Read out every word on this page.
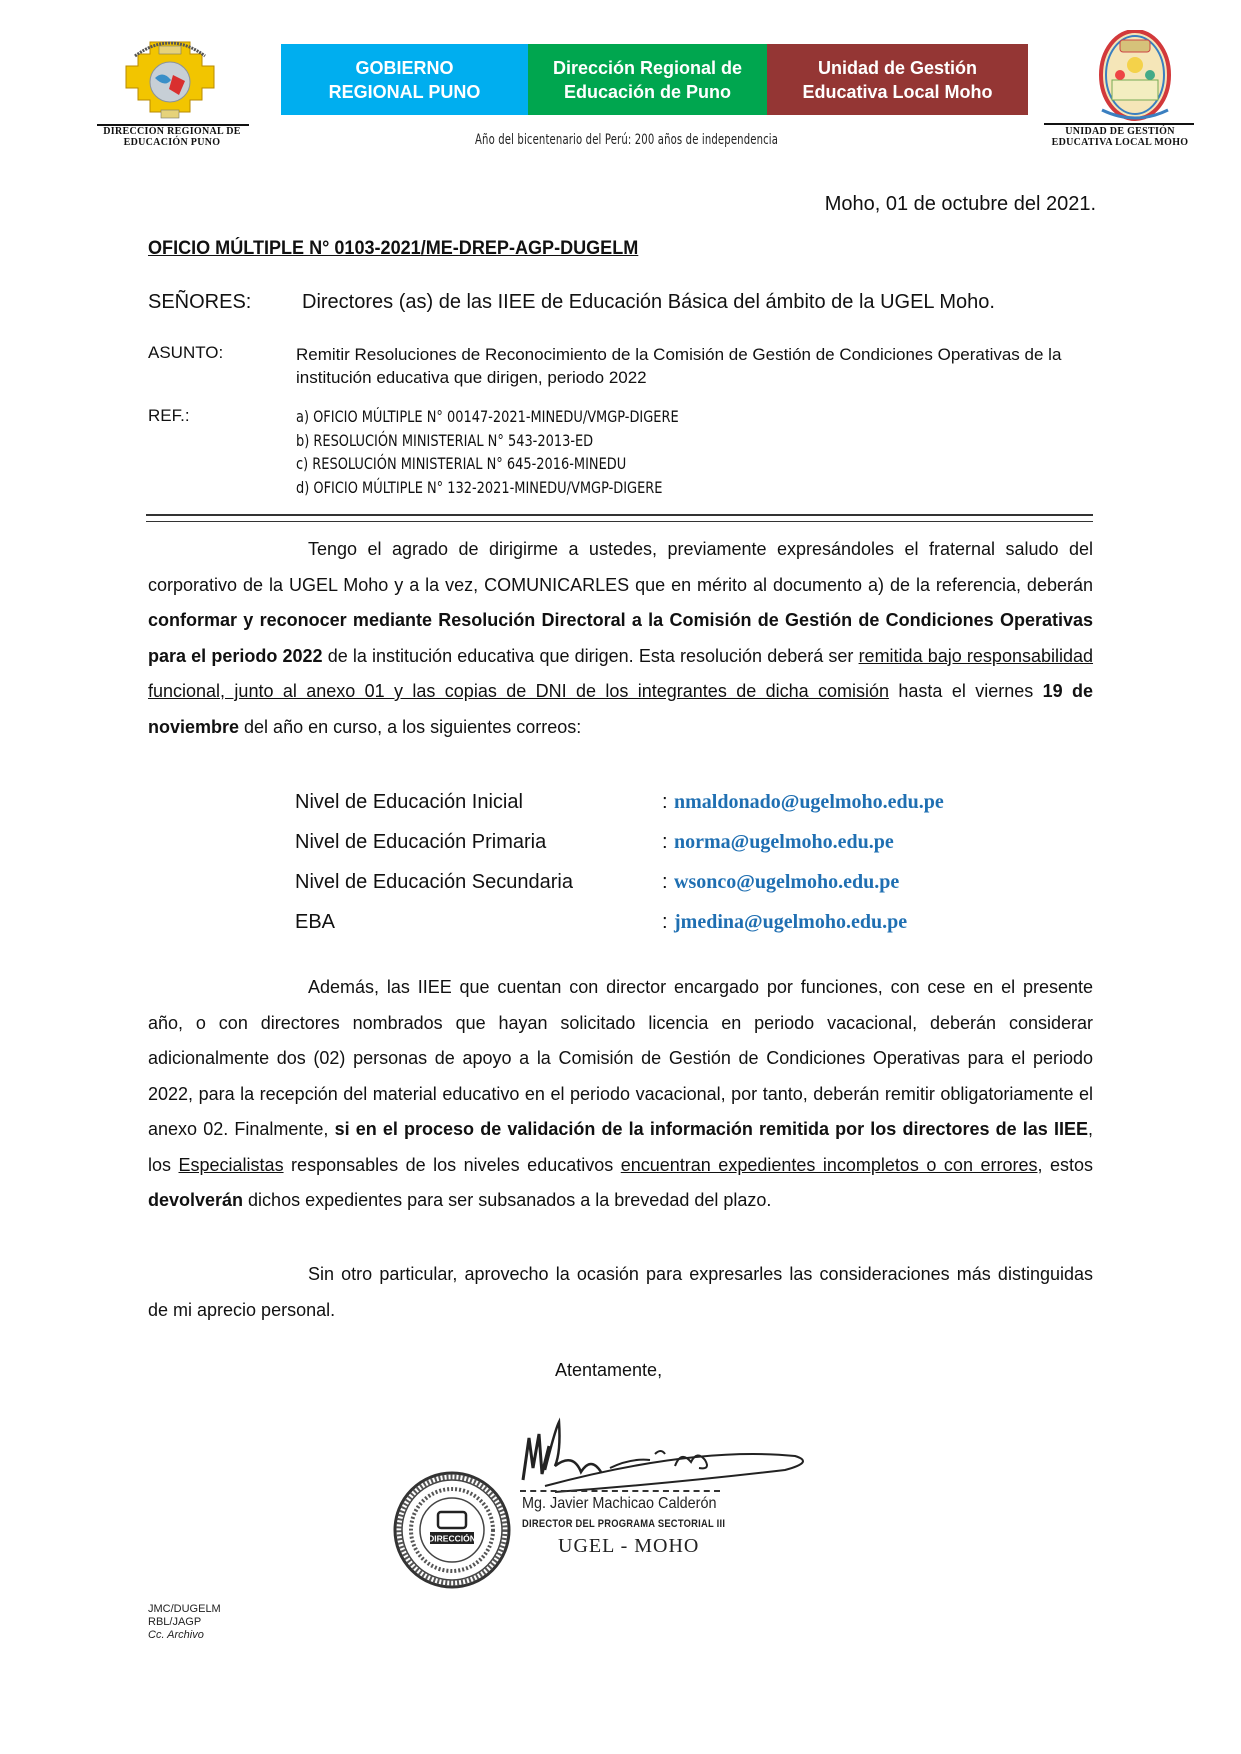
DIRECCIÓN REGIONAL DE
EDUCACIÓN PUNO
GOBIERNO
REGIONAL PUNO
Dirección Regional de
Educación de Puno
Unidad de Gestión
Educativa Local Moho
Año del bicentenario del Perú: 200 años de independencia
UNIDAD DE GESTIÓN
EDUCATIVA LOCAL MOHO
Moho, 01 de octubre del 2021.
OFICIO MÚLTIPLE N° 0103-2021/ME-DREP-AGP-DUGELM
SEÑORES:	Directores (as) de las IIEE de Educación Básica del ámbito de la UGEL Moho.
ASUNTO:	Remitir Resoluciones de Reconocimiento de la Comisión de Gestión de Condiciones Operativas de la institución educativa que dirigen, periodo 2022
REF.:	a) OFICIO MÚLTIPLE N° 00147-2021-MINEDU/VMGP-DIGERE
b) RESOLUCIÓN MINISTERIAL N° 543-2013-ED
c) RESOLUCIÓN MINISTERIAL N° 645-2016-MINEDU
d) OFICIO MÚLTIPLE N° 132-2021-MINEDU/VMGP-DIGERE
Tengo el agrado de dirigirme a ustedes, previamente expresándoles el fraternal saludo del corporativo de la UGEL Moho y a la vez, COMUNICARLES que en mérito al documento a) de la referencia, deberán conformar y reconocer mediante Resolución Directoral a la Comisión de Gestión de Condiciones Operativas para el periodo 2022 de la institución educativa que dirigen. Esta resolución deberá ser remitida bajo responsabilidad funcional, junto al anexo 01 y las copias de DNI de los integrantes de dicha comisión hasta el viernes 19 de noviembre del año en curso, a los siguientes correos:
Nivel de Educación Inicial	: nmaldonado@ugelmoho.edu.pe
Nivel de Educación Primaria	: norma@ugelmoho.edu.pe
Nivel de Educación Secundaria	: wsonco@ugelmoho.edu.pe
EBA	: jmedina@ugelmoho.edu.pe
Además, las IIEE que cuentan con director encargado por funciones, con cese en el presente año, o con directores nombrados que hayan solicitado licencia en periodo vacacional, deberán considerar adicionalmente dos (02) personas de apoyo a la Comisión de Gestión de Condiciones Operativas para el periodo 2022, para la recepción del material educativo en el periodo vacacional, por tanto, deberán remitir obligatoriamente el anexo 02. Finalmente, si en el proceso de validación de la información remitida por los directores de las IIEE, los Especialistas responsables de los niveles educativos encuentran expedientes incompletos o con errores, estos devolverán dichos expedientes para ser subsanados a la brevedad del plazo.
Sin otro particular, aprovecho la ocasión para expresarles las consideraciones más distinguidas de mi aprecio personal.
Atentamente,
DIRECCIÓN
Mg. Javier Machicao Calderón
DIRECTOR DEL PROGRAMA SECTORIAL III
UGEL - MOHO
JMC/DUGELM
RBL/JAGP
Cc. Archivo
